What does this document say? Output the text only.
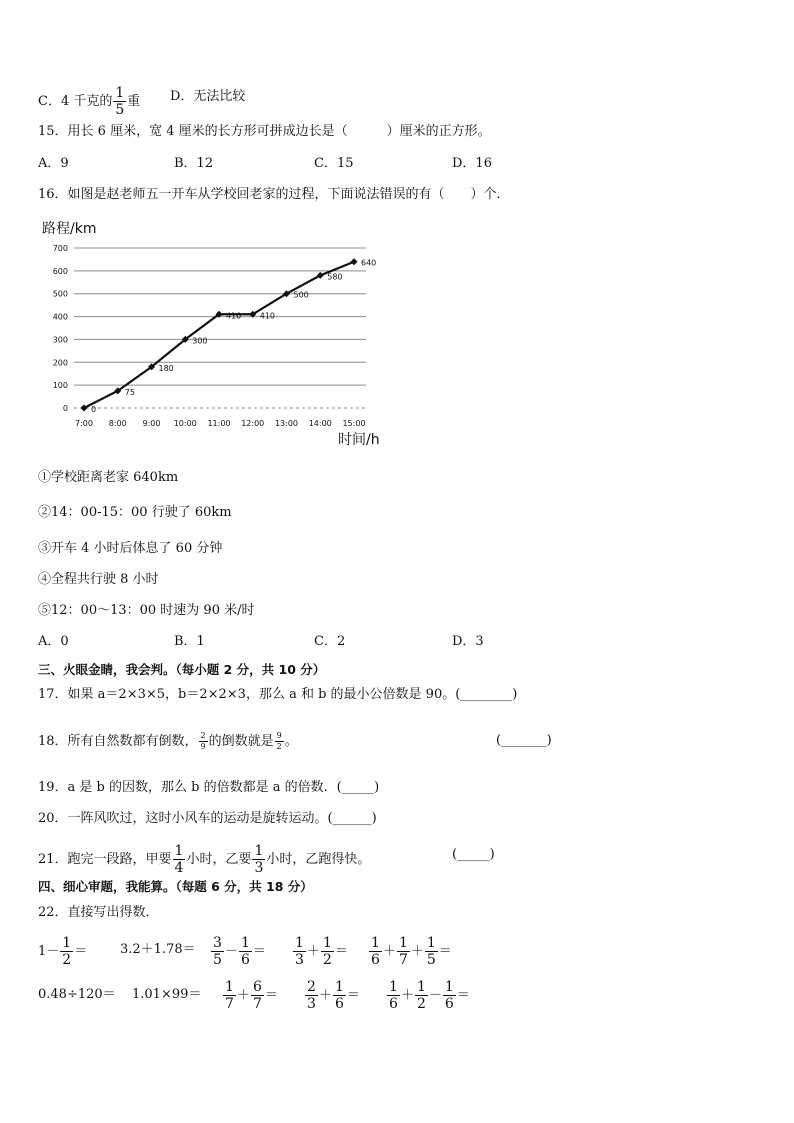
C．4 千克的 $\frac{1}{5}$ 重 D．无法比较
15．用长 6 厘米，宽 4 厘米的长方形可拼成边长是（　　　）厘米的正方形。
A．9	B．12	C．15	D．16
16．如图是赵老师五一开车从学校回老家的过程，下面说法错误的有（　　）个．
0
100
200
300
400
500
600
700
7:00 8:00 9:00 10:00 11:00 12:00 13:00 14:00 15:00
0
75
180
300
410 410
500
580
640
路程/km
时间/h
①学校距离老家 640km
②14：00-15：00 行驶了 60km
③开车 4 小时后体息了 60 分钟
④全程共行驶 8 小时
⑤12：00～13：00 时速为 90 米/时
A．0	B．1	C．2	D．3
三、火眼金睛，我会判。（每小题 2 分，共 10 分）
17．如果 a＝2×3×5，b＝2×2×3，那么 a 和 b 的最小公倍数是 90。(________)
18．所有自然数都有倒数， $\frac{2}{9}$ 的倒数就是 $\frac{9}{2}$ 。	(_______)
19．a 是 b 的因数，那么 b 的倍数都是 a 的倍数．(_____)
20．一阵风吹过，这时小风车的运动是旋转运动。(______)
21．跑完一段路，甲要 $\frac{1}{4}$ 小时，乙要 $\frac{1}{3}$ 小时，乙跑得快。	(_____)
四、细心审题，我能算。（每题 6 分，共 18 分）
22．直接写出得数．
$1- \frac{1}{2}$ ＝	$3.2+1.78= \frac{3}{5} - \frac{1}{6} = \frac{1}{3} + \frac{1}{2} = \frac{1}{6} + \frac{1}{7} + \frac{1}{5}$ ＝
$0.48\div 120= 1.01\times 99= \frac{1}{7} + \frac{6}{7} = \frac{2}{3} + \frac{1}{6} = \frac{1}{6} + \frac{1}{2} - \frac{1}{6}$ ＝
